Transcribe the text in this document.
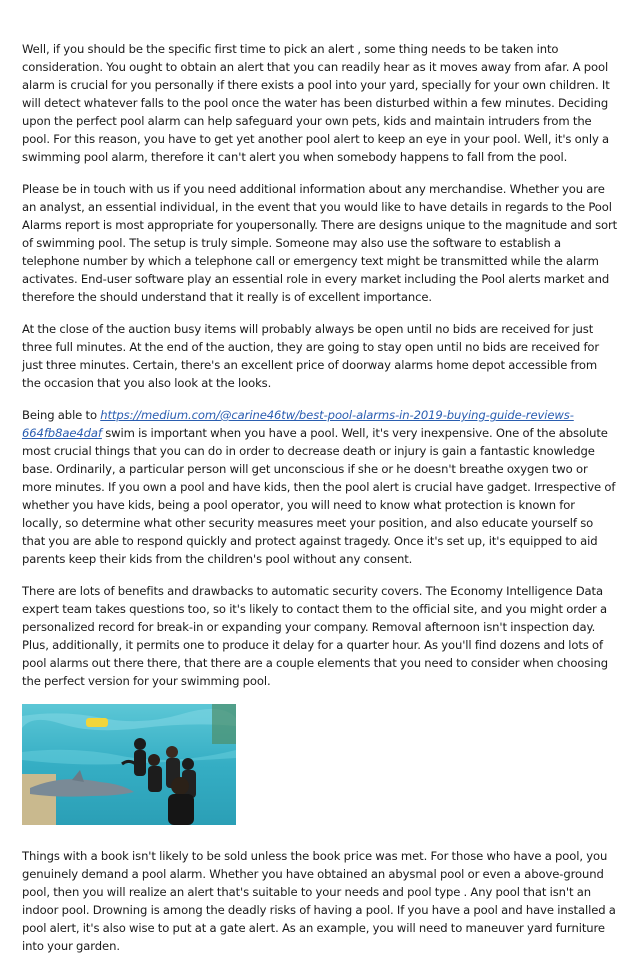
Well, if you should be the specific first time to pick an alert , some thing needs to be taken into consideration. You ought to obtain an alert that you can readily hear as it moves away from afar. A pool alarm is crucial for you personally if there exists a pool into your yard, specially for your own children. It will detect whatever falls to the pool once the water has been disturbed within a few minutes. Deciding upon the perfect pool alarm can help safeguard your own pets, kids and maintain intruders from the pool. For this reason, you have to get yet another pool alert to keep an eye in your pool. Well, it's only a swimming pool alarm, therefore it can't alert you when somebody happens to fall from the pool.

Please be in touch with us if you need additional information about any merchandise. Whether you are an analyst, an essential individual, in the event that you would like to have details in regards to the Pool Alarms report is most appropriate for youpersonally. There are designs unique to the magnitude and sort of swimming pool. The setup is truly simple. Someone may also use the software to establish a telephone number by which a telephone call or emergency text might be transmitted while the alarm activates. End-user software play an essential role in every market including the Pool alerts market and therefore the should understand that it really is of excellent importance.

At the close of the auction busy items will probably always be open until no bids are received for just three full minutes. At the end of the auction, they are going to stay open until no bids are received for just three minutes. Certain, there's an excellent price of doorway alarms home depot accessible from the occasion that you also look at the looks.

Being able to https://medium.com/@carine46tw/best-pool-alarms-in-2019-buying-guide-reviews-664fb8ae4daf swim is important when you have a pool. Well, it's very inexpensive. One of the absolute most crucial things that you can do in order to decrease death or injury is gain a fantastic knowledge base. Ordinarily, a particular person will get unconscious if she or he doesn't breathe oxygen two or more minutes. If you own a pool and have kids, then the pool alert is crucial have gadget. Irrespective of whether you have kids, being a pool operator, you will need to know what protection is known for locally, so determine what other security measures meet your position, and also educate yourself so that you are able to respond quickly and protect against tragedy. Once it's set up, it's equipped to aid parents keep their kids from the children's pool without any consent.

There are lots of benefits and drawbacks to automatic security covers. The Economy Intelligence Data expert team takes questions too, so it's likely to contact them to the official site, and you might order a personalized record for break-in or expanding your company. Removal afternoon isn't inspection day. Plus, additionally, it permits one to produce it delay for a quarter hour. As you'll find dozens and lots of pool alarms out there there, that there are a couple elements that you need to consider when choosing the perfect version for your swimming pool.

Things with a book isn't likely to be sold unless the book price was met. For those who have a pool, you genuinely demand a pool alarm. Whether you have obtained an abysmal pool or even a above-ground pool, then you will realize an alert that's suitable to your needs and pool type . Any pool that isn't an indoor pool. Drowning is among the deadly risks of having a pool. If you have a pool and have installed a pool alert, it's also wise to put at a gate alert. As an example, you will need to maneuver yard furniture into your garden.
